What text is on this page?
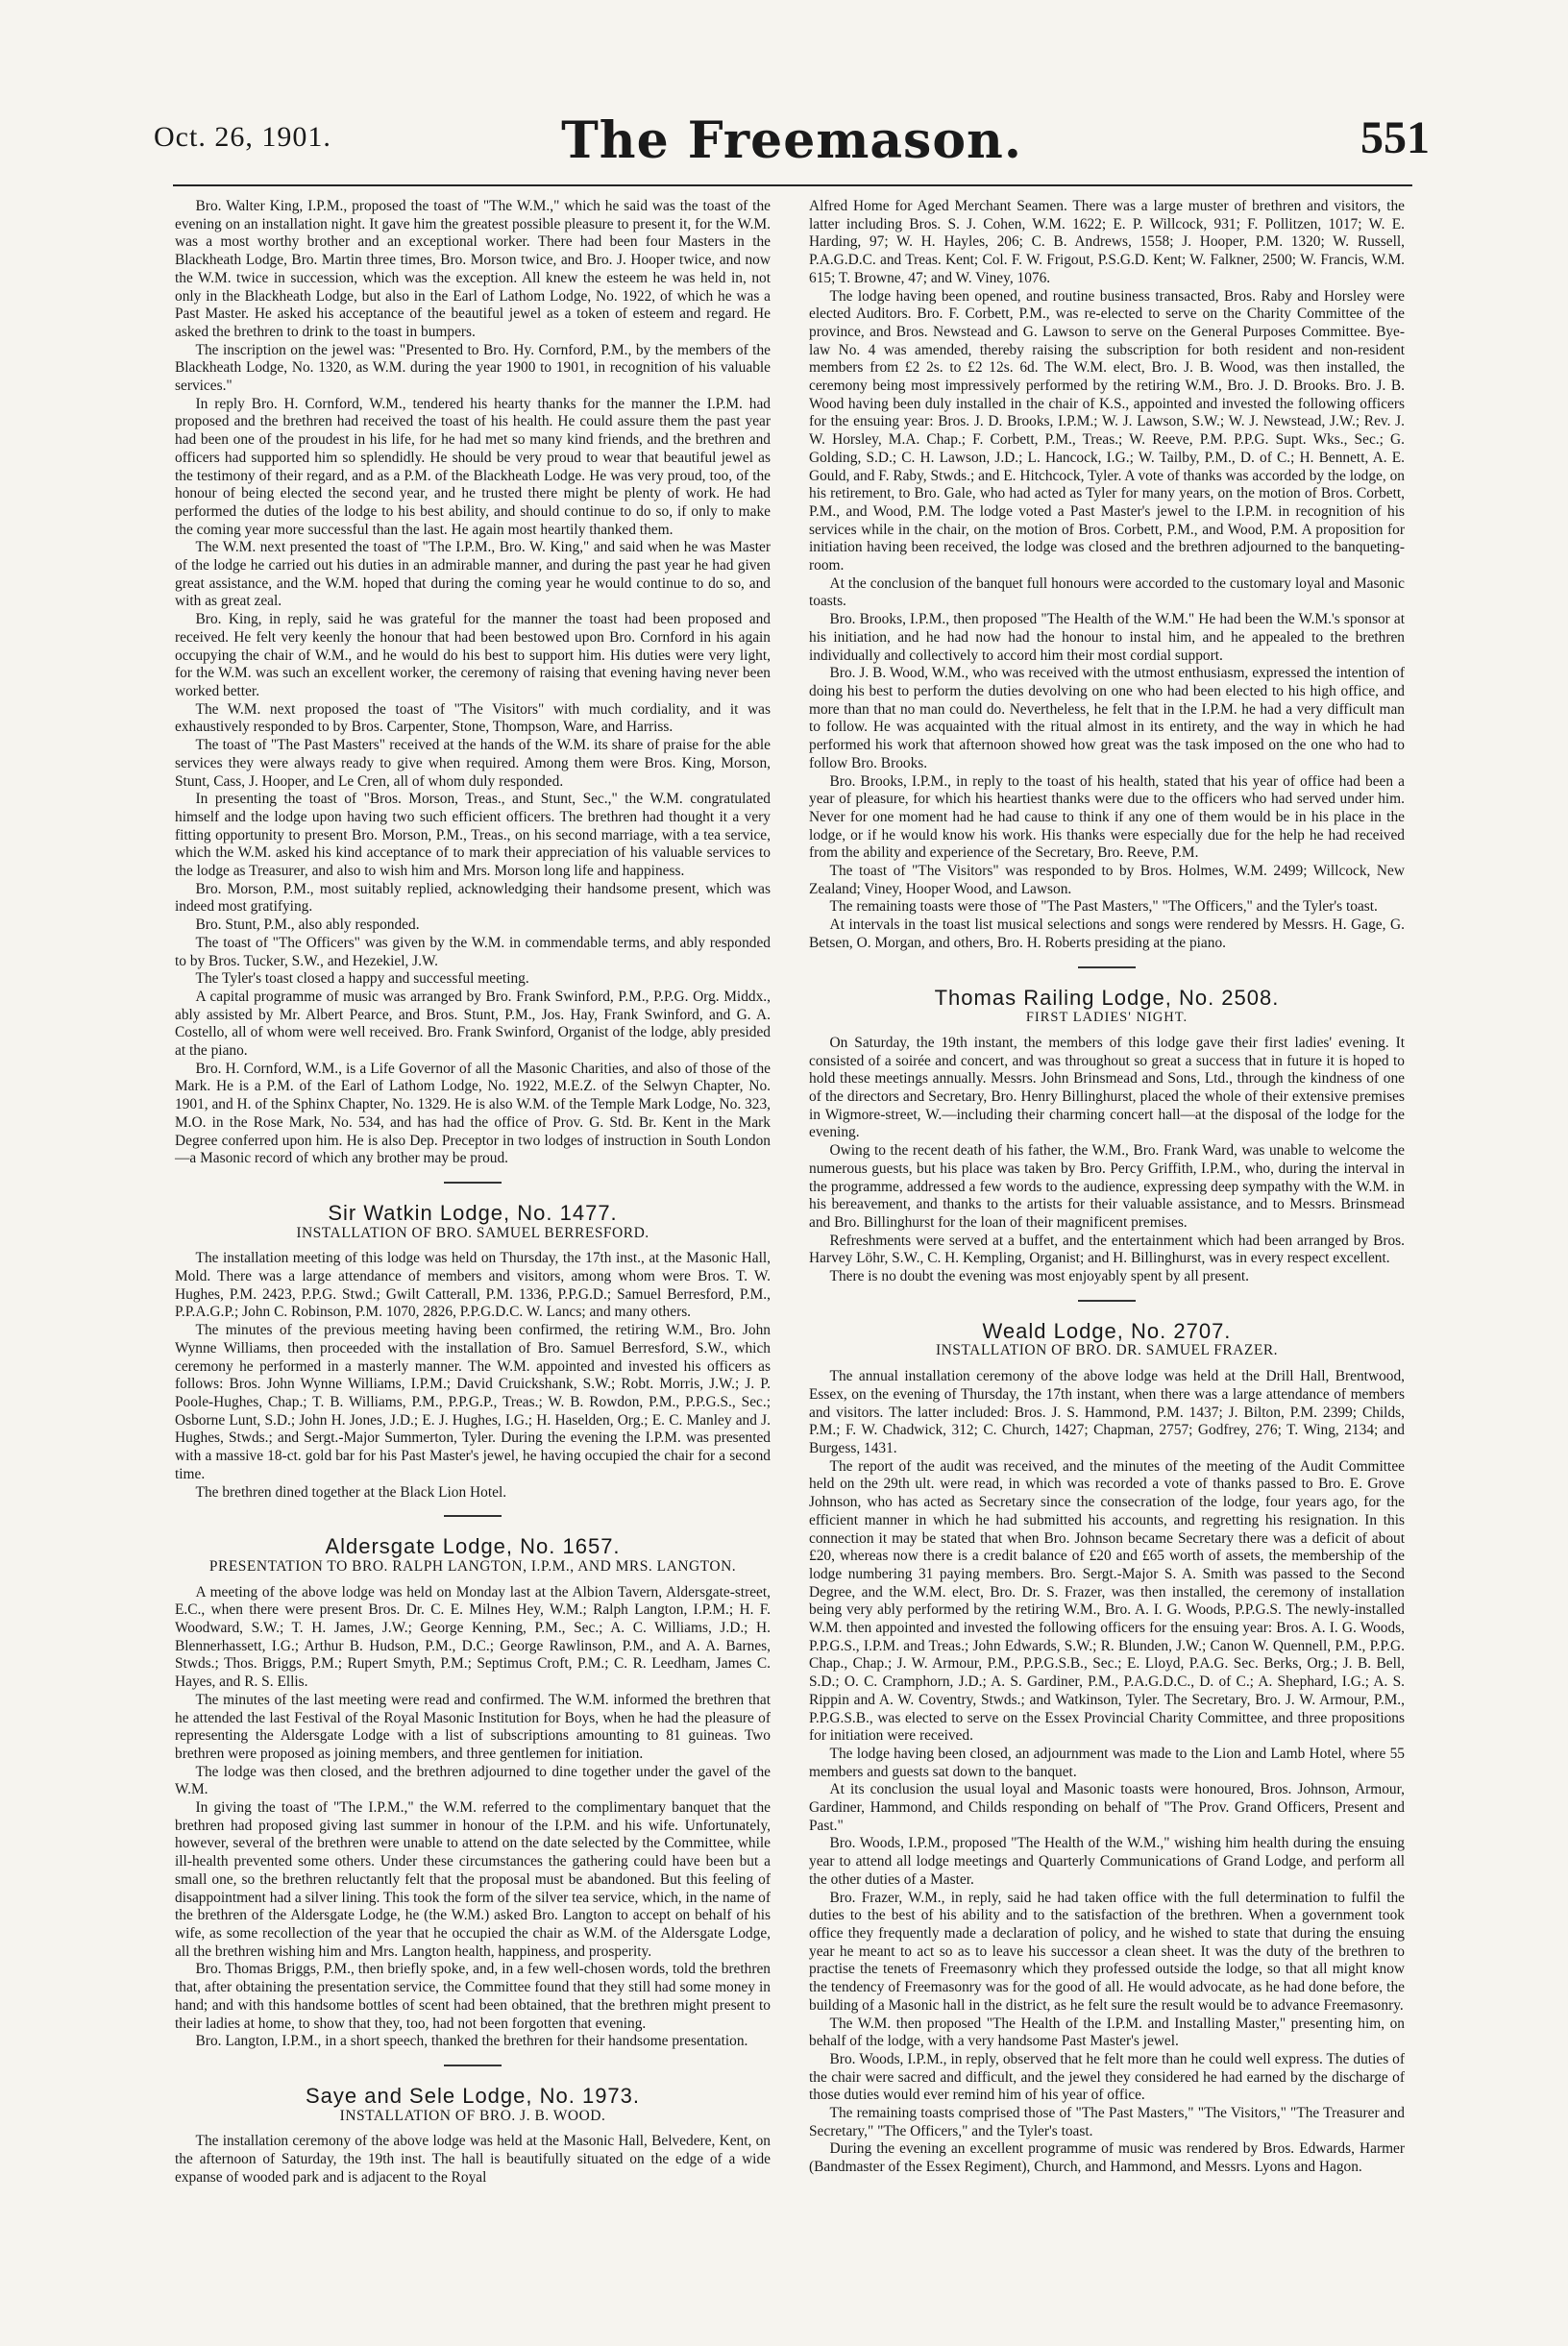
Oct. 26, 1901.	The Freemason.	551

Bro. Walter King, I.P.M., proposed the toast of "The W.M.," which he said was the toast of the evening on an installation night. It gave him the greatest possible pleasure to present it, for the W.M. was a most worthy brother and an exceptional worker. There had been four Masters in the Blackheath Lodge, Bro. Martin three times, Bro. Morson twice, and Bro. J. Hooper twice, and now the W.M. twice in succession, which was the exception. All knew the esteem he was held in, not only in the Blackheath Lodge, but also in the Earl of Lathom Lodge, No. 1922, of which he was a Past Master. He asked his acceptance of the beautiful jewel as a token of esteem and regard. He asked the brethren to drink to the toast in bumpers.

The inscription on the jewel was: "Presented to Bro. Hy. Cornford, P.M., by the members of the Blackheath Lodge, No. 1320, as W.M. during the year 1900 to 1901, in recognition of his valuable services."

In reply Bro. H. Cornford, W.M., tendered his hearty thanks for the manner the I.P.M. had proposed and the brethren had received the toast of his health. He could assure them the past year had been one of the proudest in his life, for he had met so many kind friends, and the brethren and officers had supported him so splendidly. He should be very proud to wear that beautiful jewel as the testimony of their regard, and as a P.M. of the Blackheath Lodge. He was very proud, too, of the honour of being elected the second year, and he trusted there might be plenty of work. He had performed the duties of the lodge to his best ability, and should continue to do so, if only to make the coming year more successful than the last. He again most heartily thanked them.

The W.M. next presented the toast of "The I.P.M., Bro. W. King," and said when he was Master of the lodge he carried out his duties in an admirable manner, and during the past year he had given great assistance, and the W.M. hoped that during the coming year he would continue to do so, and with as great zeal.

Bro. King, in reply, said he was grateful for the manner the toast had been proposed and received. He felt very keenly the honour that had been bestowed upon Bro. Cornford in his again occupying the chair of W.M., and he would do his best to support him. His duties were very light, for the W.M. was such an excellent worker, the ceremony of raising that evening having never been worked better.

The W.M. next proposed the toast of "The Visitors" with much cordiality, and it was exhaustively responded to by Bros. Carpenter, Stone, Thompson, Ware, and Harriss.

The toast of "The Past Masters" received at the hands of the W.M. its share of praise for the able services they were always ready to give when required. Among them were Bros. King, Morson, Stunt, Cass, J. Hooper, and Le Cren, all of whom duly responded.

In presenting the toast of "Bros. Morson, Treas., and Stunt, Sec.," the W.M. congratulated himself and the lodge upon having two such efficient officers. The brethren had thought it a very fitting opportunity to present Bro. Morson, P.M., Treas., on his second marriage, with a tea service, which the W.M. asked his kind acceptance of to mark their appreciation of his valuable services to the lodge as Treasurer, and also to wish him and Mrs. Morson long life and happiness.

Bro. Morson, P.M., most suitably replied, acknowledging their handsome present, which was indeed most gratifying.

Bro. Stunt, P.M., also ably responded.

The toast of "The Officers" was given by the W.M. in commendable terms, and ably responded to by Bros. Tucker, S.W., and Hezekiel, J.W.

The Tyler's toast closed a happy and successful meeting.

A capital programme of music was arranged by Bro. Frank Swinford, P.M., P.P.G. Org. Middx., ably assisted by Mr. Albert Pearce, and Bros. Stunt, P.M., Jos. Hay, Frank Swinford, and G. A. Costello, all of whom were well received. Bro. Frank Swinford, Organist of the lodge, ably presided at the piano.

Bro. H. Cornford, W.M., is a Life Governor of all the Masonic Charities, and also of those of the Mark. He is a P.M. of the Earl of Lathom Lodge, No. 1922, M.E.Z. of the Selwyn Chapter, No. 1901, and H. of the Sphinx Chapter, No. 1329. He is also W.M. of the Temple Mark Lodge, No. 323, M.O. in the Rose Mark, No. 534, and has had the office of Prov. G. Std. Br. Kent in the Mark Degree conferred upon him. He is also Dep. Preceptor in two lodges of instruction in South London—a Masonic record of which any brother may be proud.

Sir Watkin Lodge, No. 1477.
INSTALLATION OF BRO. SAMUEL BERRESFORD.

The installation meeting of this lodge was held on Thursday, the 17th inst., at the Masonic Hall, Mold. There was a large attendance of members and visitors, among whom were Bros. T. W. Hughes, P.M. 2423, P.P.G. Stwd.; Gwilt Catterall, P.M. 1336, P.P.G.D.; Samuel Berresford, P.M., P.P.A.G.P.; John C. Robinson, P.M. 1070, 2826, P.P.G.D.C. W. Lancs; and many others.

The minutes of the previous meeting having been confirmed, the retiring W.M., Bro. John Wynne Williams, then proceeded with the installation of Bro. Samuel Berresford, S.W., which ceremony he performed in a masterly manner. The W.M. appointed and invested his officers as follows: Bros. John Wynne Williams, I.P.M.; David Cruickshank, S.W.; Robt. Morris, J.W.; J. P. Poole-Hughes, Chap.; T. B. Williams, P.M., P.P.G.P., Treas.; W. B. Rowdon, P.M., P.P.G.S., Sec.; Osborne Lunt, S.D.; John H. Jones, J.D.; E. J. Hughes, I.G.; H. Haselden, Org.; E. C. Manley and J. Hughes, Stwds.; and Sergt.-Major Summerton, Tyler. During the evening the I.P.M. was presented with a massive 18-ct. gold bar for his Past Master's jewel, he having occupied the chair for a second time.

The brethren dined together at the Black Lion Hotel.

Aldersgate Lodge, No. 1657.
PRESENTATION TO BRO. RALPH LANGTON, I.P.M., AND MRS. LANGTON.

A meeting of the above lodge was held on Monday last at the Albion Tavern, Aldersgate-street, E.C., when there were present Bros. Dr. C. E. Milnes Hey, W.M.; Ralph Langton, I.P.M.; H. F. Woodward, S.W.; T. H. James, J.W.; George Kenning, P.M., Sec.; A. C. Williams, J.D.; H. Blennerhassett, I.G.; Arthur B. Hudson, P.M., D.C.; George Rawlinson, P.M., and A. A. Barnes, Stwds.; Thos. Briggs, P.M.; Rupert Smyth, P.M.; Septimus Croft, P.M.; C. R. Leedham, James C. Hayes, and R. S. Ellis.

The minutes of the last meeting were read and confirmed. The W.M. informed the brethren that he attended the last Festival of the Royal Masonic Institution for Boys, when he had the pleasure of representing the Aldersgate Lodge with a list of subscriptions amounting to 81 guineas. Two brethren were proposed as joining members, and three gentlemen for initiation.

The lodge was then closed, and the brethren adjourned to dine together under the gavel of the W.M.

In giving the toast of "The I.P.M.," the W.M. referred to the complimentary banquet that the brethren had proposed giving last summer in honour of the I.P.M. and his wife. Unfortunately, however, several of the brethren were unable to attend on the date selected by the Committee, while ill-health prevented some others. Under these circumstances the gathering could have been but a small one, so the brethren reluctantly felt that the proposal must be abandoned. But this feeling of disappointment had a silver lining. This took the form of the silver tea service, which, in the name of the brethren of the Aldersgate Lodge, he (the W.M.) asked Bro. Langton to accept on behalf of his wife, as some recollection of the year that he occupied the chair as W.M. of the Aldersgate Lodge, all the brethren wishing him and Mrs. Langton health, happiness, and prosperity.

Bro. Thomas Briggs, P.M., then briefly spoke, and, in a few well-chosen words, told the brethren that, after obtaining the presentation service, the Committee found that they still had some money in hand; and with this handsome bottles of scent had been obtained, that the brethren might present to their ladies at home, to show that they, too, had not been forgotten that evening.

Bro. Langton, I.P.M., in a short speech, thanked the brethren for their handsome presentation.

Saye and Sele Lodge, No. 1973.
INSTALLATION OF BRO. J. B. WOOD.

The installation ceremony of the above lodge was held at the Masonic Hall, Belvedere, Kent, on the afternoon of Saturday, the 19th inst. The hall is beautifully situated on the edge of a wide expanse of wooded park and is adjacent to the Royal

Alfred Home for Aged Merchant Seamen. There was a large muster of brethren and visitors, the latter including Bros. S. J. Cohen, W.M. 1622; E. P. Willcock, 931; F. Pollitzen, 1017; W. E. Harding, 97; W. H. Hayles, 206; C. B. Andrews, 1558; J. Hooper, P.M. 1320; W. Russell, P.A.G.D.C. and Treas. Kent; Col. F. W. Frigout, P.S.G.D. Kent; W. Falkner, 2500; W. Francis, W.M. 615; T. Browne, 47; and W. Viney, 1076.

The lodge having been opened, and routine business transacted, Bros. Raby and Horsley were elected Auditors. Bro. F. Corbett, P.M., was re-elected to serve on the Charity Committee of the province, and Bros. Newstead and G. Lawson to serve on the General Purposes Committee. Bye-law No. 4 was amended, thereby raising the subscription for both resident and non-resident members from £2 2s. to £2 12s. 6d. The W.M. elect, Bro. J. B. Wood, was then installed, the ceremony being most impressively performed by the retiring W.M., Bro. J. D. Brooks. Bro. J. B. Wood having been duly installed in the chair of K.S., appointed and invested the following officers for the ensuing year: Bros. J. D. Brooks, I.P.M.; W. J. Lawson, S.W.; W. J. Newstead, J.W.; Rev. J. W. Horsley, M.A. Chap.; F. Corbett, P.M., Treas.; W. Reeve, P.M. P.P.G. Supt. Wks., Sec.; G. Golding, S.D.; C. H. Lawson, J.D.; L. Hancock, I.G.; W. Tailby, P.M., D. of C.; H. Bennett, A. E. Gould, and F. Raby, Stwds.; and E. Hitchcock, Tyler. A vote of thanks was accorded by the lodge, on his retirement, to Bro. Gale, who had acted as Tyler for many years, on the motion of Bros. Corbett, P.M., and Wood, P.M. The lodge voted a Past Master's jewel to the I.P.M. in recognition of his services while in the chair, on the motion of Bros. Corbett, P.M., and Wood, P.M. A proposition for initiation having been received, the lodge was closed and the brethren adjourned to the banqueting-room.

At the conclusion of the banquet full honours were accorded to the customary loyal and Masonic toasts.

Bro. Brooks, I.P.M., then proposed "The Health of the W.M." He had been the W.M.'s sponsor at his initiation, and he had now had the honour to instal him, and he appealed to the brethren individually and collectively to accord him their most cordial support.

Bro. J. B. Wood, W.M., who was received with the utmost enthusiasm, expressed the intention of doing his best to perform the duties devolving on one who had been elected to his high office, and more than that no man could do. Nevertheless, he felt that in the I.P.M. he had a very difficult man to follow. He was acquainted with the ritual almost in its entirety, and the way in which he had performed his work that afternoon showed how great was the task imposed on the one who had to follow Bro. Brooks.

Bro. Brooks, I.P.M., in reply to the toast of his health, stated that his year of office had been a year of pleasure, for which his heartiest thanks were due to the officers who had served under him. Never for one moment had he had cause to think if any one of them would be in his place in the lodge, or if he would know his work. His thanks were especially due for the help he had received from the ability and experience of the Secretary, Bro. Reeve, P.M.

The toast of "The Visitors" was responded to by Bros. Holmes, W.M. 2499; Willcock, New Zealand; Viney, Hooper Wood, and Lawson.

The remaining toasts were those of "The Past Masters," "The Officers," and the Tyler's toast.

At intervals in the toast list musical selections and songs were rendered by Messrs. H. Gage, G. Betsen, O. Morgan, and others, Bro. H. Roberts presiding at the piano.

Thomas Railing Lodge, No. 2508.
FIRST LADIES' NIGHT.

On Saturday, the 19th instant, the members of this lodge gave their first ladies' evening. It consisted of a soirée and concert, and was throughout so great a success that in future it is hoped to hold these meetings annually. Messrs. John Brinsmead and Sons, Ltd., through the kindness of one of the directors and Secretary, Bro. Henry Billinghurst, placed the whole of their extensive premises in Wigmore-street, W.—including their charming concert hall—at the disposal of the lodge for the evening.

Owing to the recent death of his father, the W.M., Bro. Frank Ward, was unable to welcome the numerous guests, but his place was taken by Bro. Percy Griffith, I.P.M., who, during the interval in the programme, addressed a few words to the audience, expressing deep sympathy with the W.M. in his bereavement, and thanks to the artists for their valuable assistance, and to Messrs. Brinsmead and Bro. Billinghurst for the loan of their magnificent premises.

Refreshments were served at a buffet, and the entertainment which had been arranged by Bros. Harvey Löhr, S.W., C. H. Kempling, Organist; and H. Billinghurst, was in every respect excellent.

There is no doubt the evening was most enjoyably spent by all present.

Weald Lodge, No. 2707.
INSTALLATION OF BRO. DR. SAMUEL FRAZER.

The annual installation ceremony of the above lodge was held at the Drill Hall, Brentwood, Essex, on the evening of Thursday, the 17th instant, when there was a large attendance of members and visitors. The latter included: Bros. J. S. Hammond, P.M. 1437; J. Bilton, P.M. 2399; Childs, P.M.; F. W. Chadwick, 312; C. Church, 1427; Chapman, 2757; Godfrey, 276; T. Wing, 2134; and Burgess, 1431.

The report of the audit was received, and the minutes of the meeting of the Audit Committee held on the 29th ult. were read, in which was recorded a vote of thanks passed to Bro. E. Grove Johnson, who has acted as Secretary since the consecration of the lodge, four years ago, for the efficient manner in which he had submitted his accounts, and regretting his resignation. In this connection it may be stated that when Bro. Johnson became Secretary there was a deficit of about £20, whereas now there is a credit balance of £20 and £65 worth of assets, the membership of the lodge numbering 31 paying members. Bro. Sergt.-Major S. A. Smith was passed to the Second Degree, and the W.M. elect, Bro. Dr. S. Frazer, was then installed, the ceremony of installation being very ably performed by the retiring W.M., Bro. A. I. G. Woods, P.P.G.S. The newly-installed W.M. then appointed and invested the following officers for the ensuing year: Bros. A. I. G. Woods, P.P.G.S., I.P.M. and Treas.; John Edwards, S.W.; R. Blunden, J.W.; Canon W. Quennell, P.M., P.P.G. Chap., Chap.; J. W. Armour, P.M., P.P.G.S.B., Sec.; E. Lloyd, P.A.G. Sec. Berks, Org.; J. B. Bell, S.D.; O. C. Cramphorn, J.D.; A. S. Gardiner, P.M., P.A.G.D.C., D. of C.; A. Shephard, I.G.; A. S. Rippin and A. W. Coventry, Stwds.; and Watkinson, Tyler. The Secretary, Bro. J. W. Armour, P.M., P.P.G.S.B., was elected to serve on the Essex Provincial Charity Committee, and three propositions for initiation were received.

The lodge having been closed, an adjournment was made to the Lion and Lamb Hotel, where 55 members and guests sat down to the banquet.

At its conclusion the usual loyal and Masonic toasts were honoured, Bros. Johnson, Armour, Gardiner, Hammond, and Childs responding on behalf of "The Prov. Grand Officers, Present and Past."

Bro. Woods, I.P.M., proposed "The Health of the W.M.," wishing him health during the ensuing year to attend all lodge meetings and Quarterly Communications of Grand Lodge, and perform all the other duties of a Master.

Bro. Frazer, W.M., in reply, said he had taken office with the full determination to fulfil the duties to the best of his ability and to the satisfaction of the brethren. When a government took office they frequently made a declaration of policy, and he wished to state that during the ensuing year he meant to act so as to leave his successor a clean sheet. It was the duty of the brethren to practise the tenets of Freemasonry which they professed outside the lodge, so that all might know the tendency of Freemasonry was for the good of all. He would advocate, as he had done before, the building of a Masonic hall in the district, as he felt sure the result would be to advance Freemasonry.

The W.M. then proposed "The Health of the I.P.M. and Installing Master," presenting him, on behalf of the lodge, with a very handsome Past Master's jewel.

Bro. Woods, I.P.M., in reply, observed that he felt more than he could well express. The duties of the chair were sacred and difficult, and the jewel they considered he had earned by the discharge of those duties would ever remind him of his year of office.

The remaining toasts comprised those of "The Past Masters," "The Visitors," "The Treasurer and Secretary," "The Officers," and the Tyler's toast.

During the evening an excellent programme of music was rendered by Bros. Edwards, Harmer (Bandmaster of the Essex Regiment), Church, and Hammond, and Messrs. Lyons and Hagon.
